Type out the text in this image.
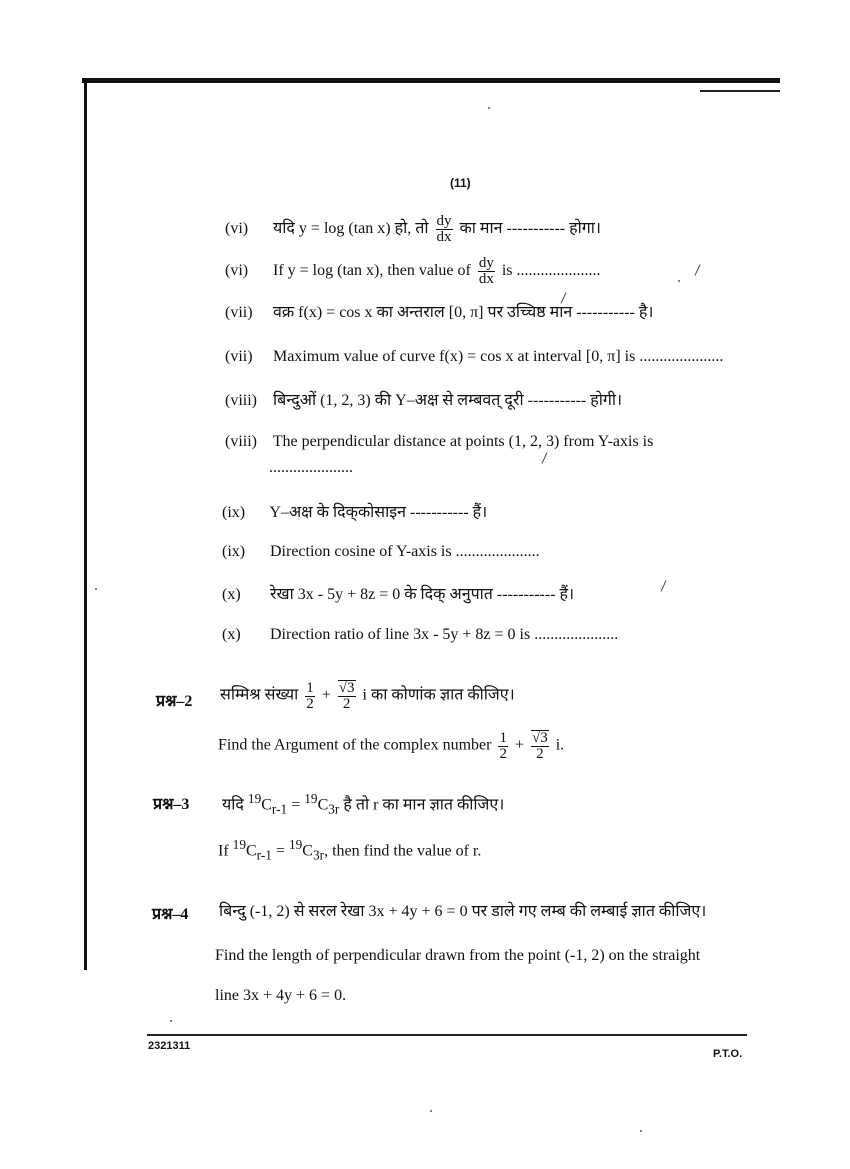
(11)
(vi) यदि y = log (tan x) हो, तो $\frac{dy}{dx}$ का मान ----------- होगा।
(vi) If y = log (tan x), then value of $\frac{dy}{dx}$ is .....................
(vii) वक्र f(x) = cos x का अन्तराल [0, π] पर उच्चिष्ठ मान ----------- है।
(vii) Maximum value of curve f(x) = cos x at interval [0, π] is .....................
(viii) बिन्दुओं (1, 2, 3) की Y–अक्ष से लम्बवत् दूरी ----------- होगी।
(viii) The perpendicular distance at points (1, 2, 3) from Y-axis is
.....................
(ix) Y–अक्ष के दिक्‌कोसाइन ----------- हैं।
(ix) Direction cosine of Y-axis is .....................
(x) रेखा 3x - 5y + 8z = 0 के दिक् अनुपात ----------- हैं।
(x) Direction ratio of line 3x - 5y + 8z = 0 is .....................
प्रश्न–2 सम्मिश्र संख्या $\frac{1}{2} + \frac{√3}{2}$ i का कोणांक ज्ञात कीजिए।
Find the Argument of the complex number $\frac{1}{2} + \frac{√3}{2} i$.
प्रश्न–3 यदि $^{19}C_{r-1} = ^{19}C_{3r}$ है तो r का मान ज्ञात कीजिए।
If $^{19}C_{r-1} = ^{19}C_{3r}$, then find the value of r.
प्रश्न–4 बिन्दु (-1, 2) से सरल रेखा 3x + 4y + 6 = 0 पर डाले गए लम्ब की लम्बाई ज्ञात कीजिए।
Find the length of perpendicular drawn from the point (-1, 2) on the straight
line 3x + 4y + 6 = 0.
2321311
P.T.O.
